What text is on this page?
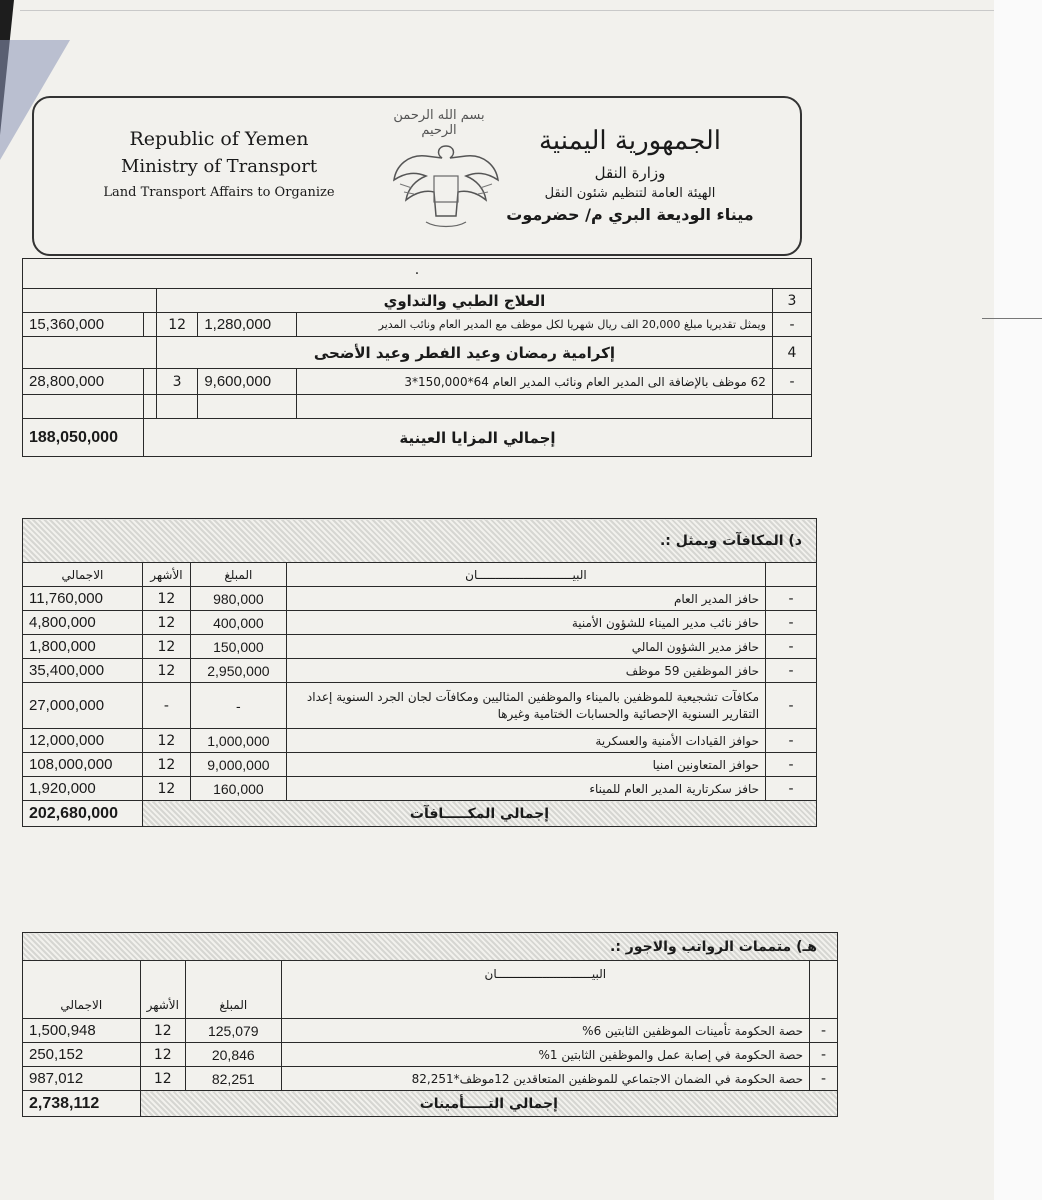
Republic of Yemen
Ministry of Transport
Land Transport Affairs to Organize
بسم الله الرحمن الرحيم	الجمهورية اليمنية
وزارة النقل
الهيئة العامة لتنظيم شئون النقل
ميناء الوديعة البري م/ حضرموت
·					
		العلاج الطبي والتداوي			3
15,360,000		12	1,280,000	ويمثل تقديريا مبلغ 20,000 الف ريال شهريا لكل موظف مع المدير العام ونائب المدير	-
		إكرامية رمضان وعيد الفطر وعيد الأضحى			4
28,800,000		3	9,600,000	62 موظف بالإضافة الى المدير العام ونائب المدير العام 64*150,000*3	-

188,050,000	إجمالي المزايا العينية				
د) المكافآت ويمثل :.				
الاجمالي	الأشهر	المبلغ	البيـــــــــــــــــــــــــــان	
11,760,000	12	980,000	حافز المدير العام	-
4,800,000	12	400,000	حافز نائب مدير الميناء للشؤون الأمنية	-
1,800,000	12	150,000	حافز مدير الشؤون المالي	-
35,400,000	12	2,950,000	حافز الموظفين 59 موظف	-
27,000,000	-	-	مكافآت تشجيعية للموظفين بالميناء والموظفين المثاليين ومكافآت لجان الجرد السنوية إعداد التقارير السنوية الإحصائية والحسابات الختامية وغيرها	-
12,000,000	12	1,000,000	حوافز القيادات الأمنية والعسكرية	-
108,000,000	12	9,000,000	حوافز المتعاونين امنيا	-
1,920,000	12	160,000	حافز سكرتارية المدير العام للميناء	-
202,680,000	إجمالي المكـــــافآت			
هـ) متممات الرواتب والاجور :.				
الاجمالي	الأشهر	المبلغ	البيـــــــــــــــــــــــــــان	
1,500,948	12	125,079	حصة الحكومة تأمينات الموظفين الثابتين 6%	-
250,152	12	20,846	حصة الحكومة في إصابة عمل والموظفين الثابتين 1%	-
987,012	12	82,251	حصة الحكومة في الضمان الاجتماعي للموظفين المتعاقدين 12موظف*82,251	-
2,738,112	إجمالي التـــــأمينات			
